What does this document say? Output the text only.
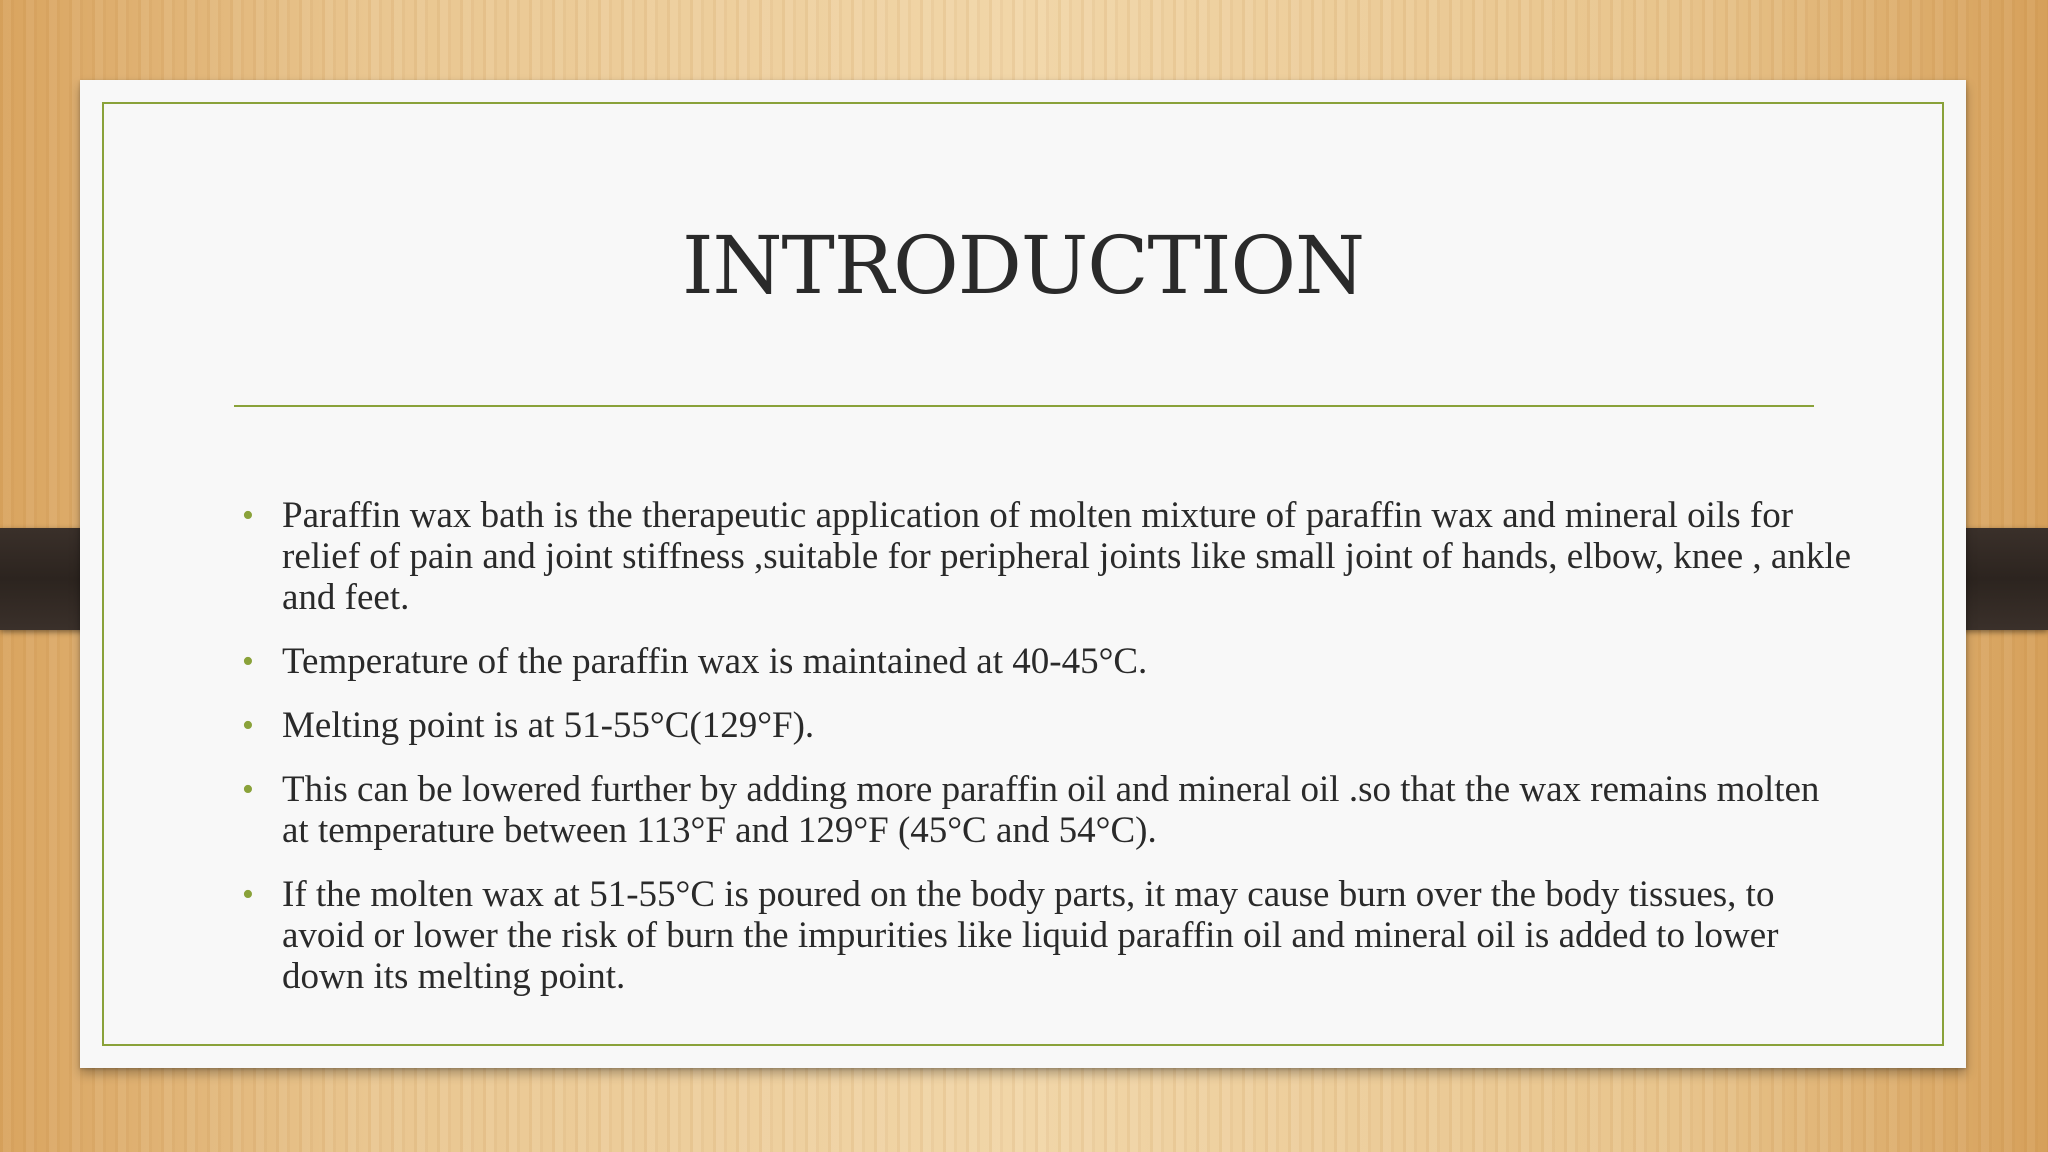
INTRODUCTION
• Paraffin wax bath is the therapeutic application of molten mixture of paraffin wax and mineral oils for relief of pain and joint stiffness ,suitable for peripheral joints like small joint of hands, elbow, knee , ankle and feet.
• Temperature of the paraffin wax is maintained at 40-45°C.
• Melting point is at 51-55°C(129°F).
• This can be lowered further by adding more paraffin oil and mineral oil .so that the wax remains molten at temperature between 113°F and 129°F (45°C and 54°C).
• If the molten wax at 51-55°C is poured on the body parts, it may cause burn over the body tissues, to avoid or lower the risk of burn the impurities like liquid paraffin oil and mineral oil is added to lower down its melting point.
